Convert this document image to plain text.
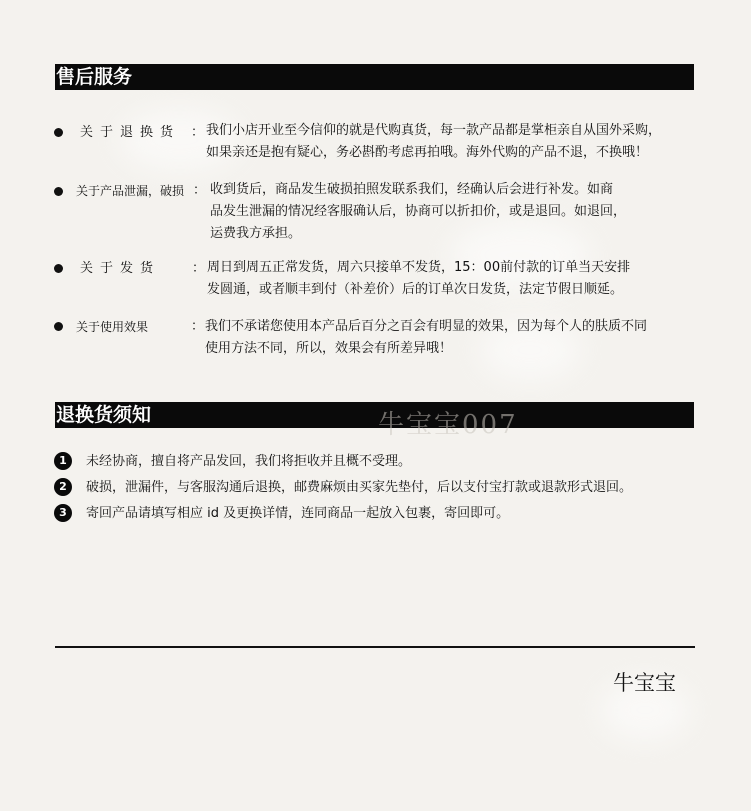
售后服务
关于退换货 ： 我们小店开业至今信仰的就是代购真货，每一款产品都是掌柜亲自从国外采购，
如果亲还是抱有疑心，务必斟酌考虑再拍哦。海外代购的产品不退，不换哦！
关于产品泄漏，破损 ： 收到货后，商品发生破损拍照发联系我们，经确认后会进行补发。如商
品发生泄漏的情况经客服确认后，协商可以折扣价，或是退回。如退回，
运费我方承担。
关于发货 ： 周日到周五正常发货，周六只接单不发货，15：00前付款的订单当天安排
发圆通，或者顺丰到付（补差价）后的订单次日发货，法定节假日顺延。
关于使用效果	： 我们不承诺您使用本产品后百分之百会有明显的效果，因为每个人的肤质不同
使用方法不同，所以，效果会有所差异哦！
退换货须知	牛宝宝007
1	未经协商，擅自将产品发回，我们将拒收并且概不受理。
2	破损，泄漏件，与客服沟通后退换，邮费麻烦由买家先垫付，后以支付宝打款或退款形式退回。
3	寄回产品请填写相应 id 及更换详情，连同商品一起放入包裹，寄回即可。
牛宝宝
